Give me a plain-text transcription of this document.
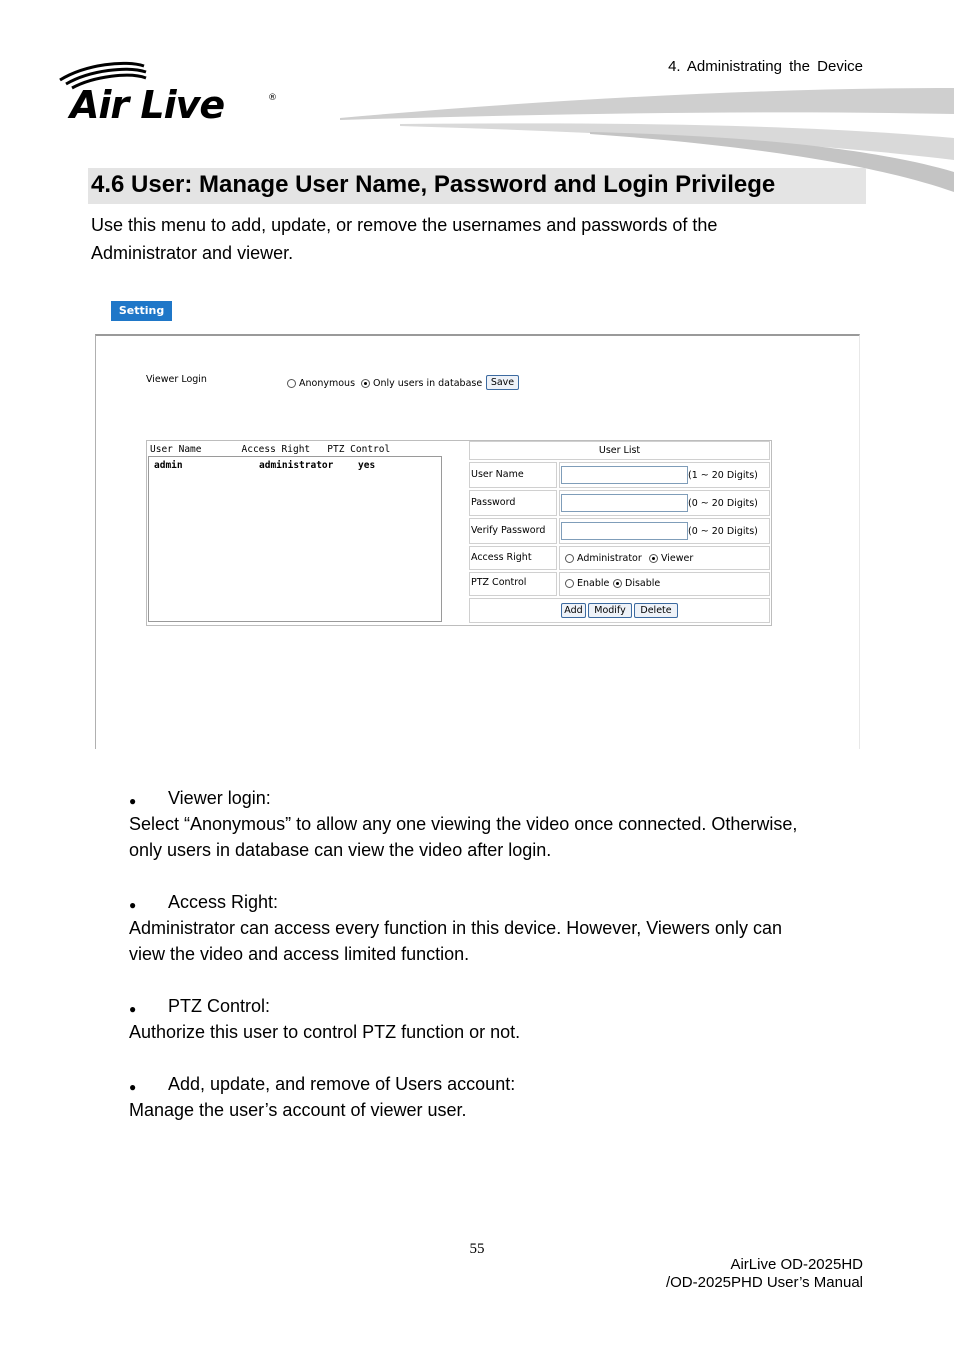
4. Administrating the Device
Air Live	®
4.6 User: Manage User Name, Password and Login Privilege
Use this menu to add, update, or remove the usernames and passwords of the
Administrator and viewer.
Setting
Viewer Login	Anonymous Only users in database Save
User Name       Access Right   PTZ Control
admin	administrator	yes
User List
User Name	(1 ~ 20 Digits)
Password	(0 ~ 20 Digits)
Verify Password	(0 ~ 20 Digits)
Access Right	Administrator Viewer
PTZ Control	Enable Disable
Add	Modify	Delete
● Viewer login:
Select “Anonymous” to allow any one viewing the video once connected. Otherwise,
only users in database can view the video after login.
● Access Right:
Administrator can access every function in this device. However, Viewers only can
view the video and access limited function.
● PTZ Control:
Authorize this user to control PTZ function or not.
● Add, update, and remove of Users account:
Manage the user’s account of viewer user.
55
AirLive OD-2025HD
/OD-2025PHD User’s Manual
